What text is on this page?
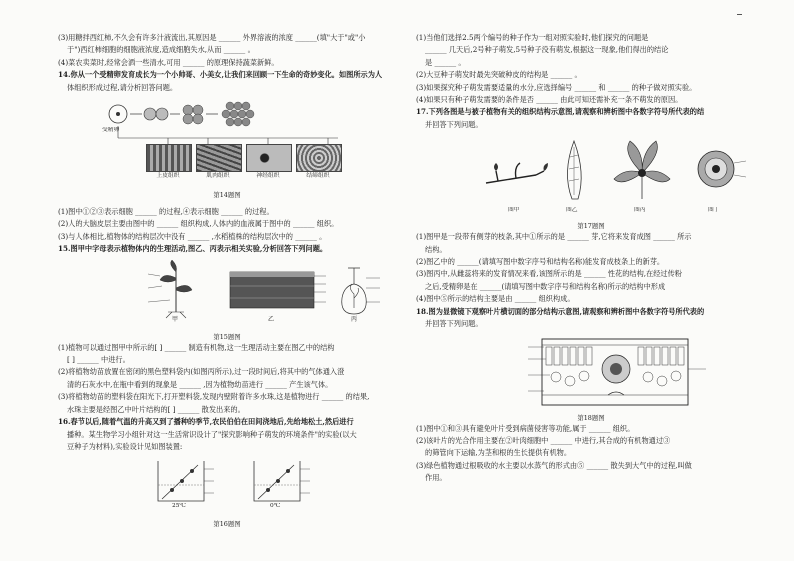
(3)用糖拌西红柿,不久会有许多汁液流出,其原因是 ______ 外界溶液的浓度 ______(填"大于"或"小
于")西红柿细胞的细胞液浓度,造成细胞失水,从而 ______ 。
(4)菜农卖菜时,经常会洒一些清水,可用 ______ 的原理保持蔬菜新鲜。
14.你从一个受精卵发育成长为一个小帅哥、小美女,让我们来回顾一下生命的奇妙变化。如图所示为人
体组织形成过程,请分析回答问题。
受精卵
上皮组织	肌肉组织	神经组织	结缔组织
第14题图
(1)图中①②③表示细胞 ______ 的过程,④表示细胞 ______ 的过程。
(2)人的大脑皮层主要由图中的 ______ 组织构成,人体内的血液属于图中的 ______ 组织。
(3)与人体相比,植物体的结构层次中没有 ______ ,水稻植株的结构层次中的 ______ 。
15.图甲中字母表示植物体内的生理活动,图乙、丙表示相关实验,分析回答下列问题。
甲	乙	丙
第15题图
(1)植物可以通过图甲中所示的[ ] ______ 制造有机物,这一生理活动主要在图乙中的结构
[ ] ______ 中进行。
(2)将植物幼苗放置在密闭的黑色塑料袋内(如图丙所示),过一段时间后,将其中的气体通入澄
清的石灰水中,在瓶中看到的现象是 ______ ,因为植物幼苗进行 ______ 产生该气体。
(3)将植物幼苗的塑料袋在阳光下,打开塑料袋,发现内壁附着许多水珠,这是植物进行 ______ 的结果,
水珠主要是经图乙中叶片结构的[ ] ______ 散发出来的。
16.春节以后,随着气温的升高又到了播种的季节,农民伯伯在田间浇地后,先给地松土,然后进行
播种。某生物学习小组针对这一生活常识设计了"探究影响种子萌发的环境条件"的实验(以大
豆种子为材料),实验设计见如图装置:
25℃	0℃
第16题图
(1)当他们选择2.5两个编号的种子作为一组对照实验时,他们探究的问题是
______ 几天后,2号种子萌发,5号种子没有萌发,根据这一现象,他们得出的结论
是 ______ 。
(2)大豆种子萌发时最先突破种皮的结构是 ______ 。
(3)如果探究种子萌发需要适量的水分,应选择编号 ______ 和 ______ 的种子做对照实验。
(4)如果只有种子萌发需要的条件是否 ______ 由此可知还需补充一条不萌发的原因。
17.下列各图是与被子植物有关的组织结构示意图,请观察和辨析图中各数字符号所代表的结
并回答下列问题。
图甲	图乙	图丙	图丁
第17题图
(1)图甲是一段带有侧芽的枝条,其中①所示的是 ______ 芽,它将来发育成图 ______ 所示
结构。
(2)图乙中的 ______(请填写图中数字序号和结构名称)能发育成枝条上的新芽。
(3)图丙中,从雌蕊将来的发育情况来看,该图所示的是 ______ 性花的结构,在经过传粉
之后,受精卵是在 ______(请填写图中数字序号和结构名称)所示的结构中形成
(4)图中⑤所示的结构主要是由 ______ 组织构成。
18.图为显微镜下观察叶片横切面的部分结构示意图,请观察和辨析图中各数字符号所代表的
并回答下列问题。
第18题图
(1)图中①和③具有避免叶片受到病菌侵害等功能,属于 ______ 组织。
(2)该叶片的光合作用主要在②叶肉细胞中 ______ 中进行,其合成的有机物通过③
的筛管向下运输,为茎和根的生长提供有机物。
(3)绿色植物通过根吸收的水主要以水蒸气的形式由⑤ ______ 散失到大气中的过程,叫做
作用。
